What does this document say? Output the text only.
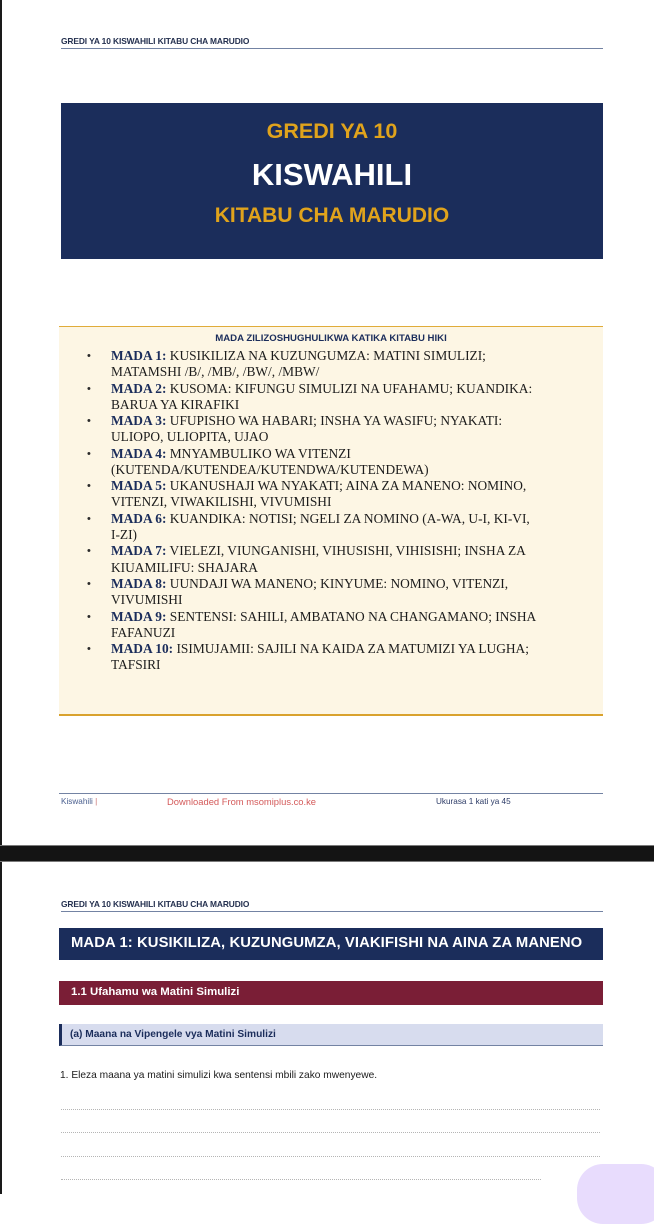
GREDI YA 10 KISWAHILI KITABU CHA MARUDIO
GREDI YA 10
KISWAHILI
KITABU CHA MARUDIO
MADA ZILIZOSHUGHULIKWA KATIKA KITABU HIKI
• MADA 1: KUSIKILIZA NA KUZUNGUMZA: MATINI SIMULIZI;
MATAMSHI /B/, /MB/, /BW/, /MBW/
• MADA 2: KUSOMA: KIFUNGU SIMULIZI NA UFAHAMU; KUANDIKA:
BARUA YA KIRAFIKI
• MADA 3: UFUPISHO WA HABARI; INSHA YA WASIFU; NYAKATI:
ULIOPO, ULIOPITA, UJAO
• MADA 4: MNYAMBULIKO WA VITENZI
(KUTENDA/KUTENDEA/KUTENDWA/KUTENDEWA)
• MADA 5: UKANUSHAJI WA NYAKATI; AINA ZA MANENO: NOMINO,
VITENZI, VIWAKILISHI, VIVUMISHI
• MADA 6: KUANDIKA: NOTISI; NGELI ZA NOMINO (A-WA, U-I, KI-VI,
I-ZI)
• MADA 7: VIELEZI, VIUNGANISHI, VIHUSISHI, VIHISISHI; INSHA ZA
KIUAMILIFU: SHAJARA
• MADA 8: UUNDAJI WA MANENO; KINYUME: NOMINO, VITENZI,
VIVUMISHI
• MADA 9: SENTENSI: SAHILI, AMBATANO NA CHANGAMANO; INSHA
FAFANUZI
• MADA 10: ISIMUJAMII: SAJILI NA KAIDA ZA MATUMIZI YA LUGHA;
TAFSIRI
Kiswahili |	Downloaded From msomiplus.co.ke	Ukurasa 1 kati ya 45
GREDI YA 10 KISWAHILI KITABU CHA MARUDIO
MADA 1: KUSIKILIZA, KUZUNGUMZA, VIAKIFISHI NA AINA ZA MANENO
1.1 Ufahamu wa Matini Simulizi
(a) Maana na Vipengele vya Matini Simulizi
1. Eleza maana ya matini simulizi kwa sentensi mbili zako mwenyewe.
